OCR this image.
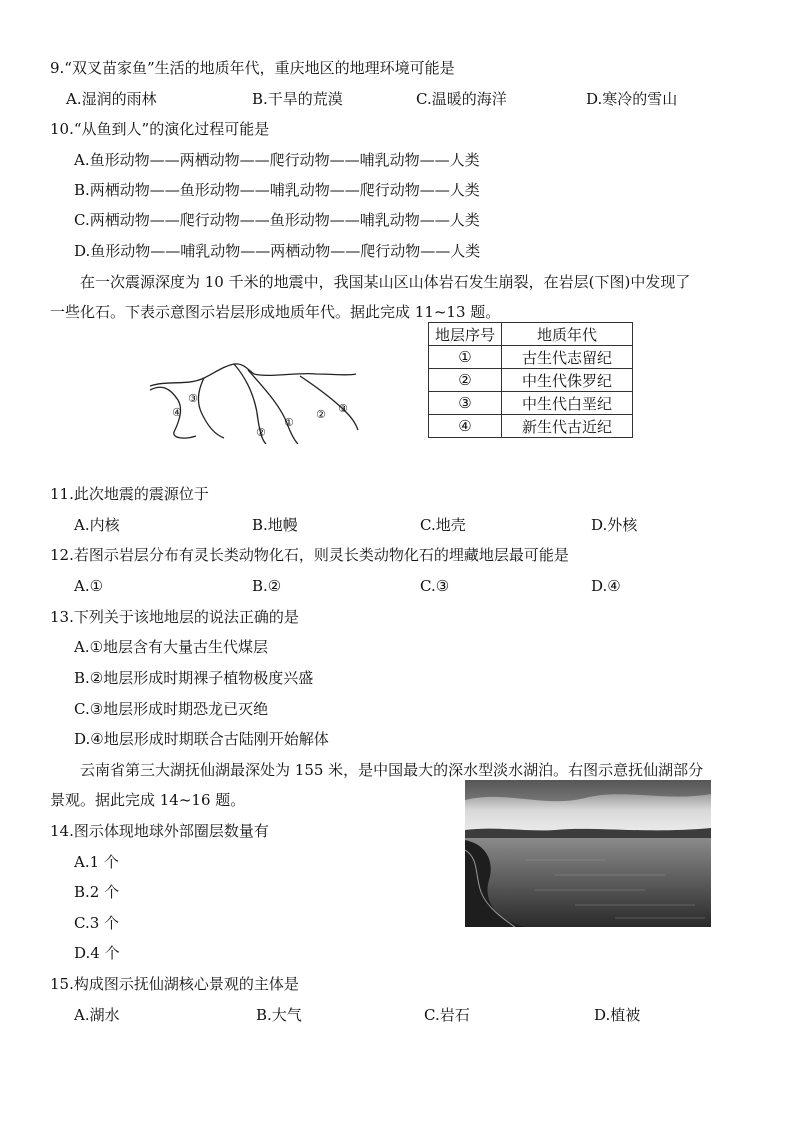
9.“双叉苗家鱼”生活的地质年代，重庆地区的地理环境可能是
A.湿润的雨林	B.干旱的荒漠	C.温暖的海洋	D.寒冷的雪山
10.“从鱼到人”的演化过程可能是
A.鱼形动物——两栖动物——爬行动物——哺乳动物——人类
B.两栖动物——鱼形动物——哺乳动物——爬行动物——人类
C.两栖动物——爬行动物——鱼形动物——哺乳动物——人类
D.鱼形动物——哺乳动物——两栖动物——爬行动物——人类
在一次震源深度为 10 千米的地震中，我国某山区山体岩石发生崩裂，在岩层(下图)中发现了
一些化石。下表示意图示岩层形成地质年代。据此完成 11~13 题。
③
④
②
①
② ③
地层序号	地质年代
①	古生代志留纪
②	中生代侏罗纪
③	中生代白垩纪
④	新生代古近纪
11.此次地震的震源位于
A.内核	B.地幔	C.地壳	D.外核
12.若图示岩层分布有灵长类动物化石，则灵长类动物化石的埋藏地层最可能是
A.①	B.②	C.③	D.④
13.下列关于该地地层的说法正确的是
A.①地层含有大量古生代煤层
B.②地层形成时期裸子植物极度兴盛
C.③地层形成时期恐龙已灭绝
D.④地层形成时期联合古陆刚开始解体
云南省第三大湖抚仙湖最深处为 155 米，是中国最大的深水型淡水湖泊。右图示意抚仙湖部分
景观。据此完成 14~16 题。
14.图示体现地球外部圈层数量有
A.1 个
B.2 个
C.3 个
D.4 个
15.构成图示抚仙湖核心景观的主体是
A.湖水	B.大气	C.岩石	D.植被
